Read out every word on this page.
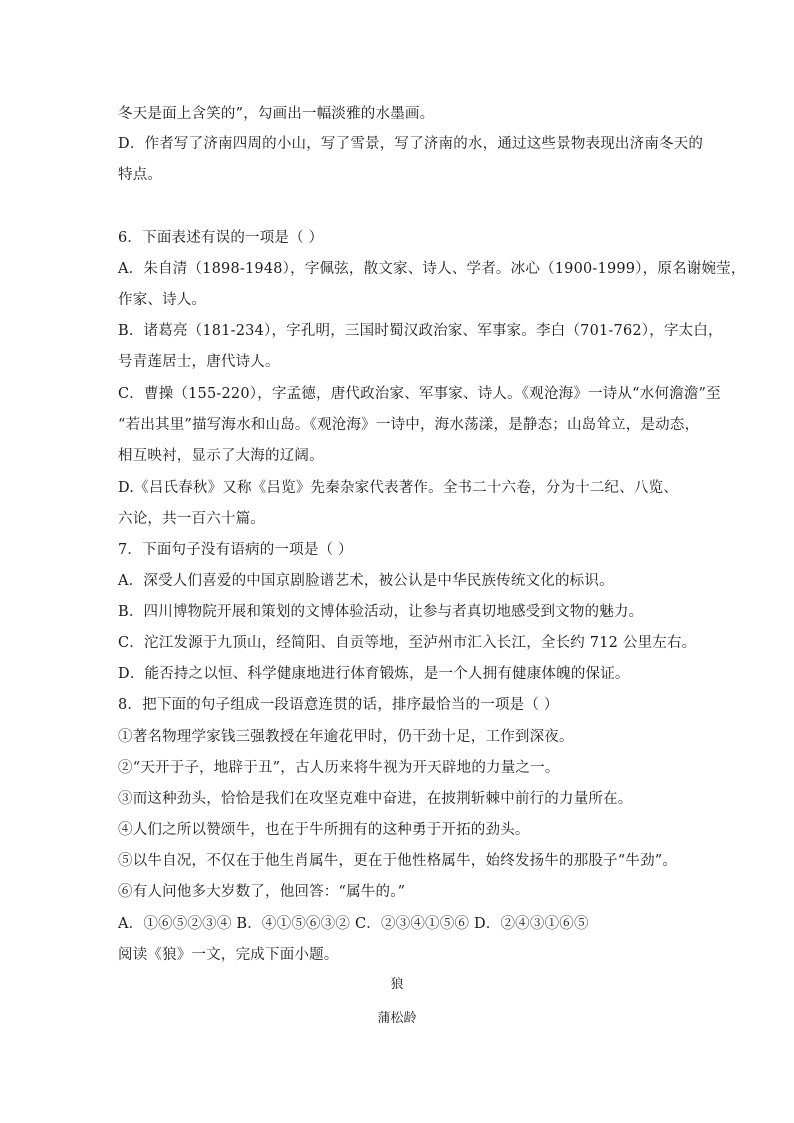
冬天是面上含笑的”，勾画出一幅淡雅的水墨画。
D．作者写了济南四周的小山，写了雪景，写了济南的水，通过这些景物表现出济南冬天的
特点。
6．下面表述有误的一项是（ ）
A．朱自清（1898-1948），字佩弦，散文家、诗人、学者。冰心（1900-1999），原名谢婉莹，
作家、诗人。
B．诸葛亮（181-234），字孔明，三国时蜀汉政治家、军事家。李白（701-762），字太白，
号青莲居士，唐代诗人。
C．曹操（155-220），字孟德，唐代政治家、军事家、诗人。《观沧海》一诗从“水何澹澹”至
“若出其里”描写海水和山岛。《观沧海》一诗中，海水荡漾，是静态；山岛耸立，是动态，
相互映衬，显示了大海的辽阔。
D.《吕氏春秋》又称《吕览》先秦杂家代表著作。全书二十六卷，分为十二纪、八览、
六论，共一百六十篇。
7．下面句子没有语病的一项是（ ）
A．深受人们喜爱的中国京剧脸谱艺术，被公认是中华民族传统文化的标识。
B．四川博物院开展和策划的文博体验活动，让参与者真切地感受到文物的魅力。
C．沱江发源于九顶山，经简阳、自贡等地，至泸州市汇入长江，全长约 712 公里左右。
D．能否持之以恒、科学健康地进行体育锻炼，是一个人拥有健康体魄的保证。
8．把下面的句子组成一段语意连贯的话，排序最恰当的一项是（ ）
①著名物理学家钱三强教授在年逾花甲时，仍干劲十足，工作到深夜。
②“天开于子，地辟于丑”，古人历来将牛视为开天辟地的力量之一。
③而这种劲头，恰恰是我们在攻坚克难中奋进，在披荆斩棘中前行的力量所在。
④人们之所以赞颂牛，也在于牛所拥有的这种勇于开拓的劲头。
⑤以牛自况，不仅在于他生肖属牛，更在于他性格属牛，始终发扬牛的那股子“牛劲”。
⑥有人问他多大岁数了，他回答：“属牛的。”
A．①⑥⑤②③④ B．④①⑤⑥③② C．②③④①⑤⑥ D．②④③①⑥⑤
阅读《狼》一文，完成下面小题。
狼
蒲松龄
